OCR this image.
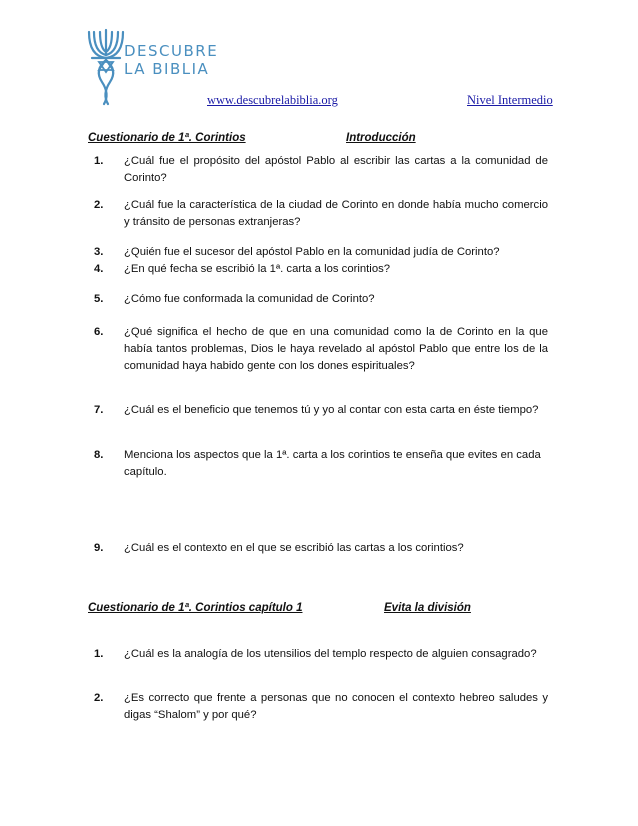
DESCUBRE
LA BIBLIA
www.descubrelabiblia.org	Nivel Intermedio
Cuestionario de 1ª. Corintios	Introducción
1. ¿Cuál fue el propósito del apóstol Pablo al escribir las cartas a la comunidad de Corinto?
2. ¿Cuál fue la característica de la ciudad de Corinto en donde había mucho comercio y tránsito de personas extranjeras?
3. ¿Quién fue el sucesor del apóstol Pablo en la comunidad judía de Corinto?
4. ¿En qué fecha se escribió la 1ª. carta a los corintios?
5. ¿Cómo fue conformada la comunidad de Corinto?
6. ¿Qué significa el hecho de que en una comunidad como la de Corinto en la que había tantos problemas, Dios le haya revelado al apóstol Pablo que entre los de la comunidad haya habido gente con los dones espirituales?
7. ¿Cuál es el beneficio que tenemos tú y yo al contar con esta carta en éste tiempo?
8. Menciona los aspectos que la 1ª. carta a los corintios te enseña que evites en cada capítulo.
9. ¿Cuál es el contexto en el que se escribió las cartas a los corintios?
Cuestionario de 1ª. Corintios capítulo 1	Evita la división
1. ¿Cuál es la analogía de los utensilios del templo respecto de alguien consagrado?
2. ¿Es correcto que frente a personas que no conocen el contexto hebreo saludes y digas “Shalom” y por qué?
